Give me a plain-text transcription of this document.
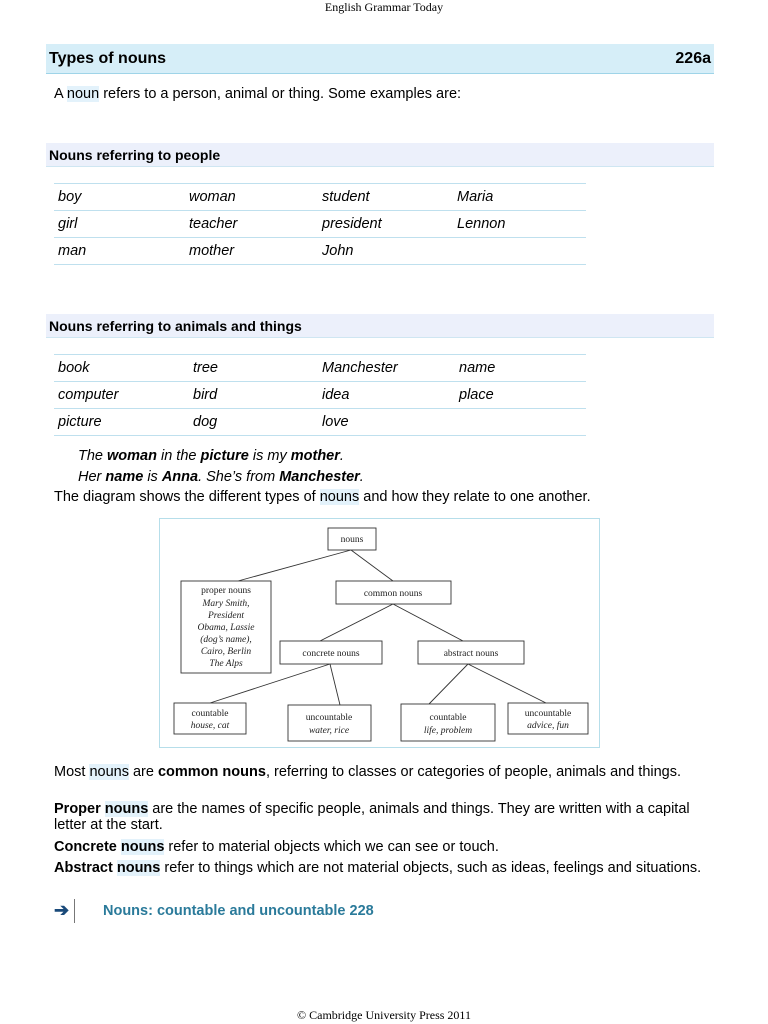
English Grammar Today
Types of nouns	226a
A noun refers to a person, animal or thing. Some examples are:
Nouns referring to people
boy	woman	student	Maria
girl	teacher	president	Lennon
man	mother	John	
Nouns referring to animals and things
book	tree	Manchester	name
computer	bird	idea	place
picture	dog	love	
The woman in the picture is my mother.
Her name is Anna. She’s from Manchester.
The diagram shows the different types of nouns and how they relate to one another.
nouns
proper nouns
Mary Smith,
President
Obama, Lassie
(dog’s name),
Cairo, Berlin
The Alps
common nouns
concrete nouns	abstract nouns
countable
house, cat
uncountable
water, rice
countable
life, problem
uncountable
advice, fun
Most nouns are common nouns, referring to classes or categories of people, animals and things.
Proper nouns are the names of specific people, animals and things. They are written with a capital letter at the start.
Concrete nouns refer to material objects which we can see or touch.
Abstract nouns refer to things which are not material objects, such as ideas, feelings and situations.
➔	Nouns: countable and uncountable 228
© Cambridge University Press 2011
